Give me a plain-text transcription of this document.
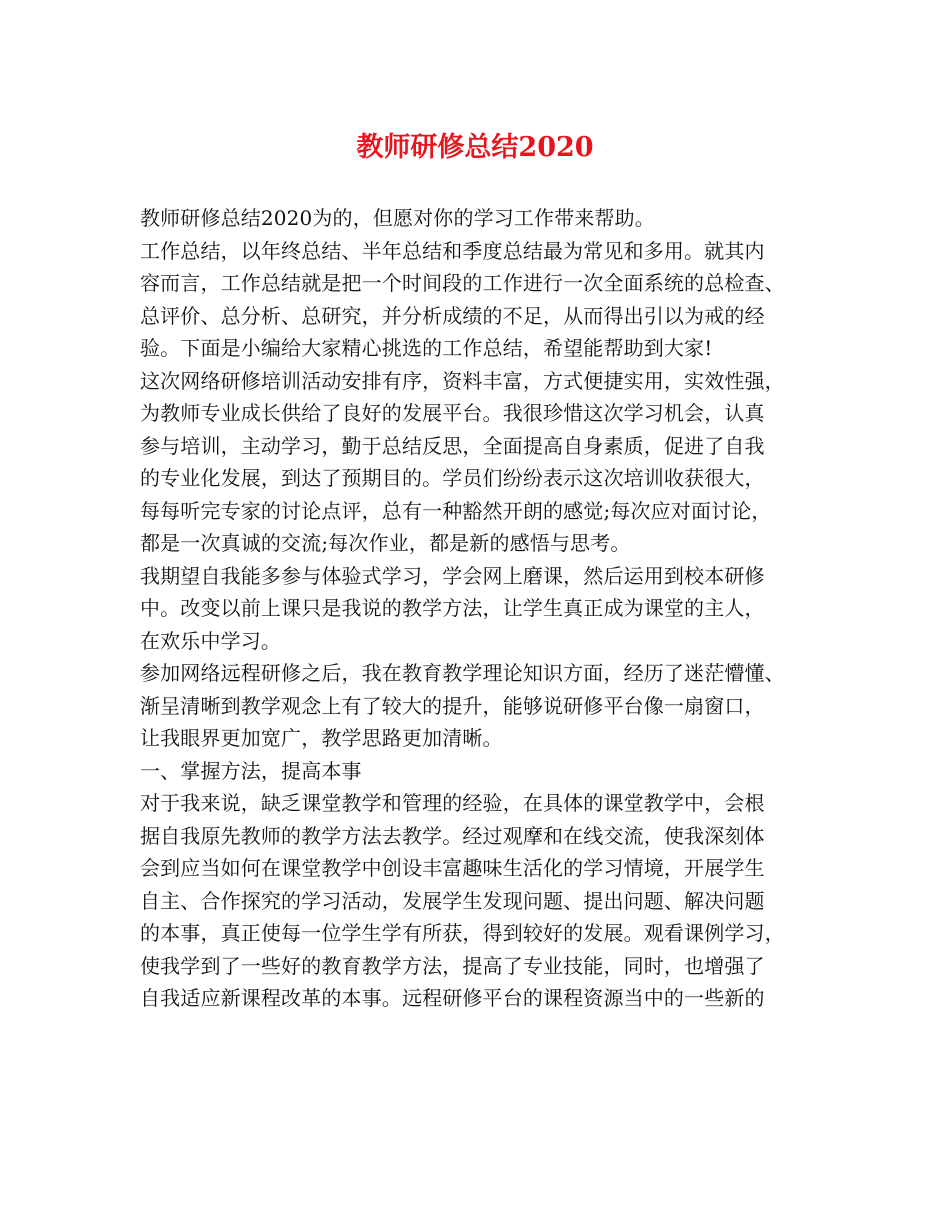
教师研修总结2020
教师研修总结2020为的，但愿对你的学习工作带来帮助。
工作总结，以年终总结、半年总结和季度总结最为常见和多用。就其内
容而言，工作总结就是把一个时间段的工作进行一次全面系统的总检查、
总评价、总分析、总研究，并分析成绩的不足，从而得出引以为戒的经
验。下面是小编给大家精心挑选的工作总结，希望能帮助到大家!
这次网络研修培训活动安排有序，资料丰富，方式便捷实用，实效性强，
为教师专业成长供给了良好的发展平台。我很珍惜这次学习机会，认真
参与培训，主动学习，勤于总结反思，全面提高自身素质，促进了自我
的专业化发展，到达了预期目的。学员们纷纷表示这次培训收获很大，
每每听完专家的讨论点评，总有一种豁然开朗的感觉;每次应对面讨论，
都是一次真诚的交流;每次作业，都是新的感悟与思考。
我期望自我能多参与体验式学习，学会网上磨课，然后运用到校本研修
中。改变以前上课只是我说的教学方法，让学生真正成为课堂的主人，
在欢乐中学习。
参加网络远程研修之后，我在教育教学理论知识方面，经历了迷茫懵懂、
渐呈清晰到教学观念上有了较大的提升，能够说研修平台像一扇窗口，
让我眼界更加宽广，教学思路更加清晰。
一、掌握方法，提高本事
对于我来说，缺乏课堂教学和管理的经验，在具体的课堂教学中，会根
据自我原先教师的教学方法去教学。经过观摩和在线交流，使我深刻体
会到应当如何在课堂教学中创设丰富趣味生活化的学习情境，开展学生
自主、合作探究的学习活动，发展学生发现问题、提出问题、解决问题
的本事，真正使每一位学生学有所获，得到较好的发展。观看课例学习，
使我学到了一些好的教育教学方法，提高了专业技能，同时，也增强了
自我适应新课程改革的本事。远程研修平台的课程资源当中的一些新的
